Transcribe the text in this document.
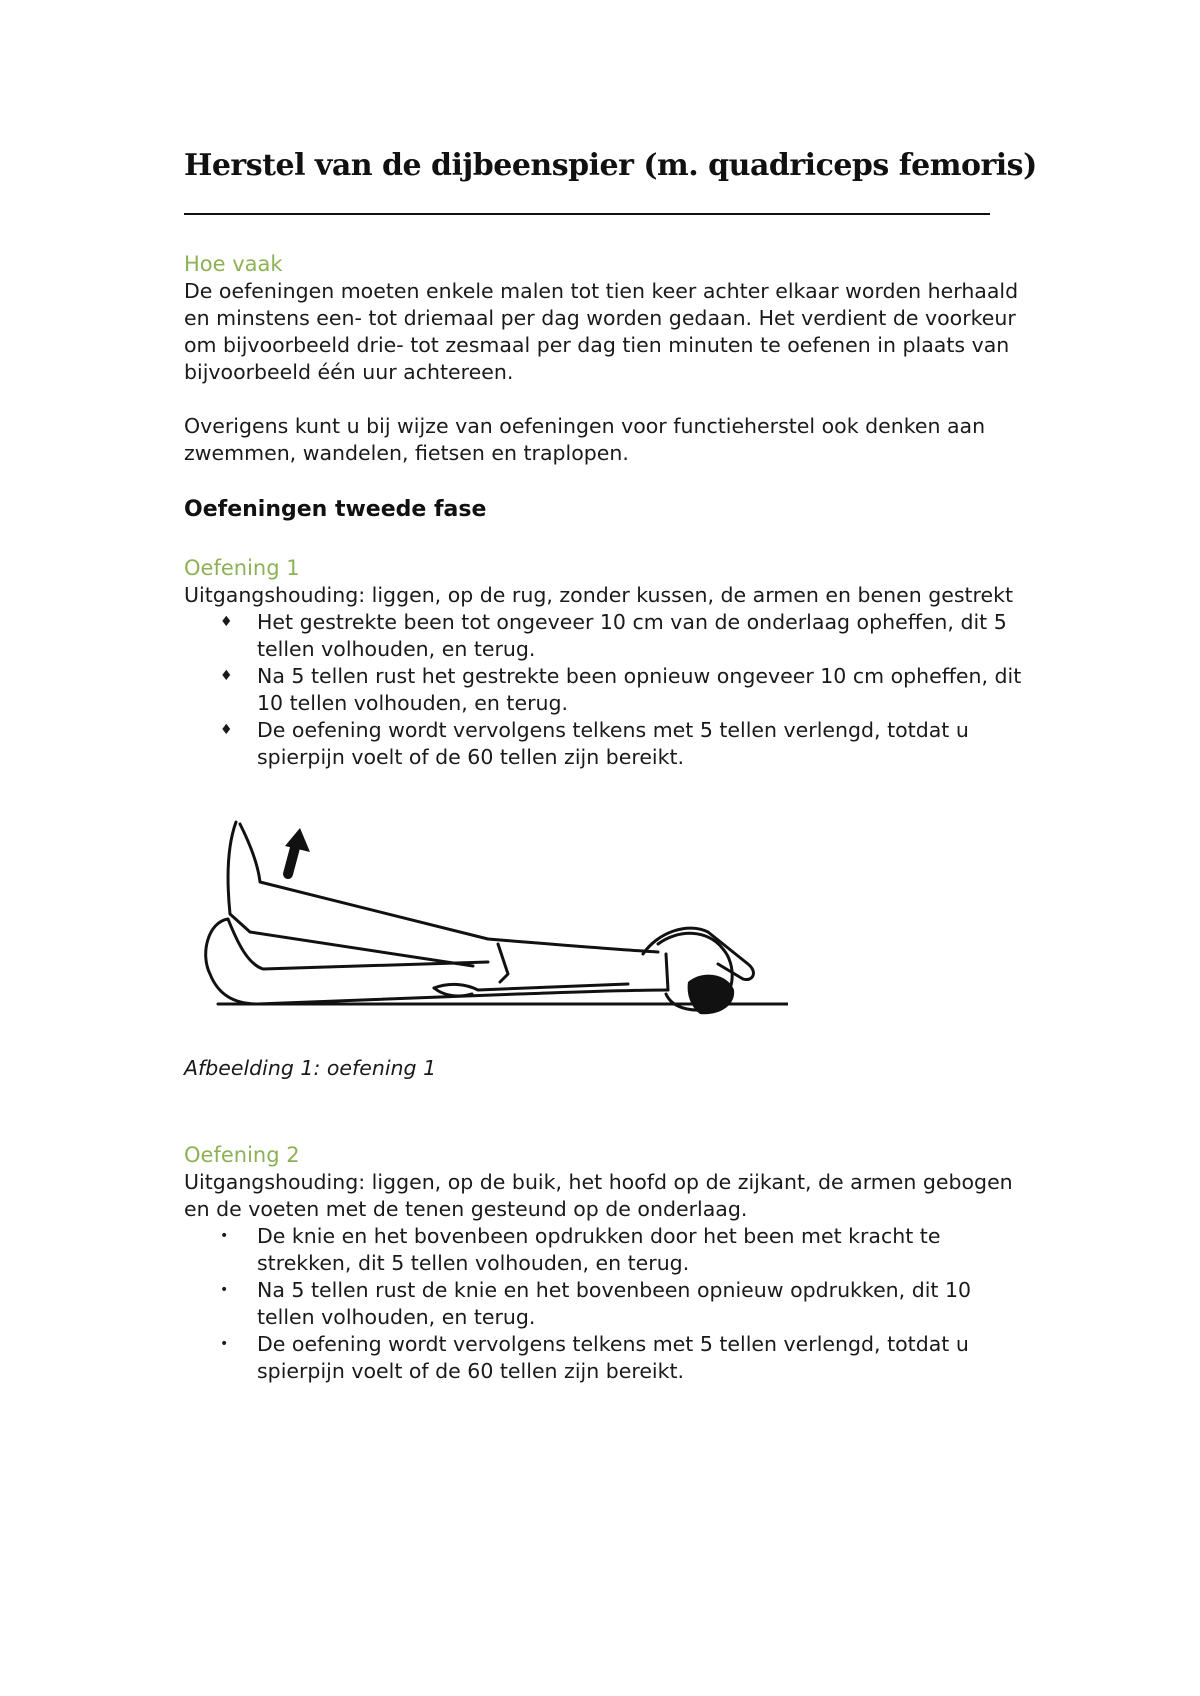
Herstel van de dijbeenspier (m. quadriceps femoris)
Hoe vaak

De oefeningen moeten enkele malen tot tien keer achter elkaar worden herhaald en minstens een- tot driemaal per dag worden gedaan. Het verdient de voorkeur om bijvoorbeeld drie- tot zesmaal per dag tien minuten te oefenen in plaats van bijvoorbeeld één uur achtereen.

Overigens kunt u bij wijze van oefeningen voor functieherstel ook denken aan zwemmen, wandelen, fietsen en traplopen.

Oefeningen tweede fase
Oefening 1

Uitgangshouding: liggen, op de rug, zonder kussen, de armen en benen gestrekt

♦ Het gestrekte been tot ongeveer 10 cm van de onderlaag opheffen, dit 5 tellen volhouden, en terug.
♦ Na 5 tellen rust het gestrekte been opnieuw ongeveer 10 cm opheffen, dit 10 tellen volhouden, en terug.
♦ De oefening wordt vervolgens telkens met 5 tellen verlengd, totdat u spierpijn voelt of de 60 tellen zijn bereikt.

Afbeelding 1: oefening 1

Oefening 2

Uitgangshouding: liggen, op de buik, het hoofd op de zijkant, de armen gebogen en de voeten met de tenen gesteund op de onderlaag.

• De knie en het bovenbeen opdrukken door het been met kracht te strekken, dit 5 tellen volhouden, en terug.
• Na 5 tellen rust de knie en het bovenbeen opnieuw opdrukken, dit 10 tellen volhouden, en terug.
• De oefening wordt vervolgens telkens met 5 tellen verlengd, totdat u spierpijn voelt of de 60 tellen zijn bereikt.
